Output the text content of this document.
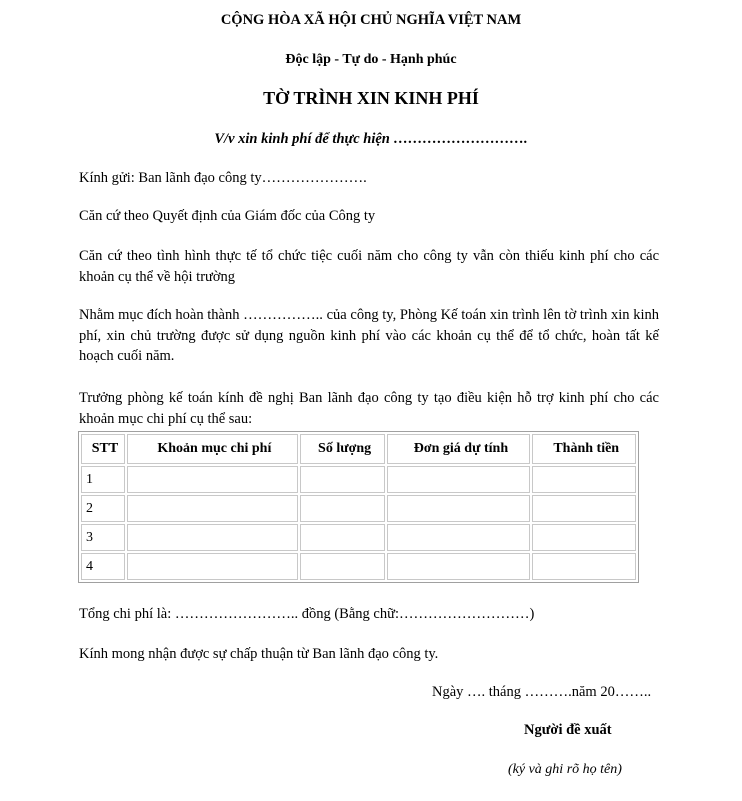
CỘNG HÒA XÃ HỘI CHỦ NGHĨA VIỆT NAM
Độc lập - Tự do - Hạnh phúc
TỜ TRÌNH XIN KINH PHÍ
V/v xin kinh phí để thực hiện ……………………….
Kính gửi: Ban lãnh đạo công ty………………….
Căn cứ theo Quyết định của Giám đốc của Công ty

Căn cứ theo tình hình thực tế tổ chức tiệc cuối năm cho công ty vẫn còn thiếu kinh phí cho các khoản cụ thể về hội trường

Nhằm mục đích hoàn thành …………….. của công ty, Phòng Kế toán xin trình lên tờ trình xin kinh phí, xin chủ trường được sử dụng nguồn kinh phí vào các khoản cụ thể để tổ chức, hoàn tất kế hoạch cuối năm.

Trưởng phòng kế toán kính đề nghị Ban lãnh đạo công ty tạo điều kiện hỗ trợ kinh phí cho các khoản mục chi phí cụ thể sau:

STT	Khoản mục chi phí	Số lượng	Đơn giá dự tính	Thành tiền
1				
2				
3				
4				
Tổng chi phí là: …………………….. đồng (Bằng chữ:………………………)
Kính mong nhận được sự chấp thuận từ Ban lãnh đạo công ty.
Ngày …. tháng ……….năm 20……..
Người đề xuất
(ký và ghi rõ họ tên)
